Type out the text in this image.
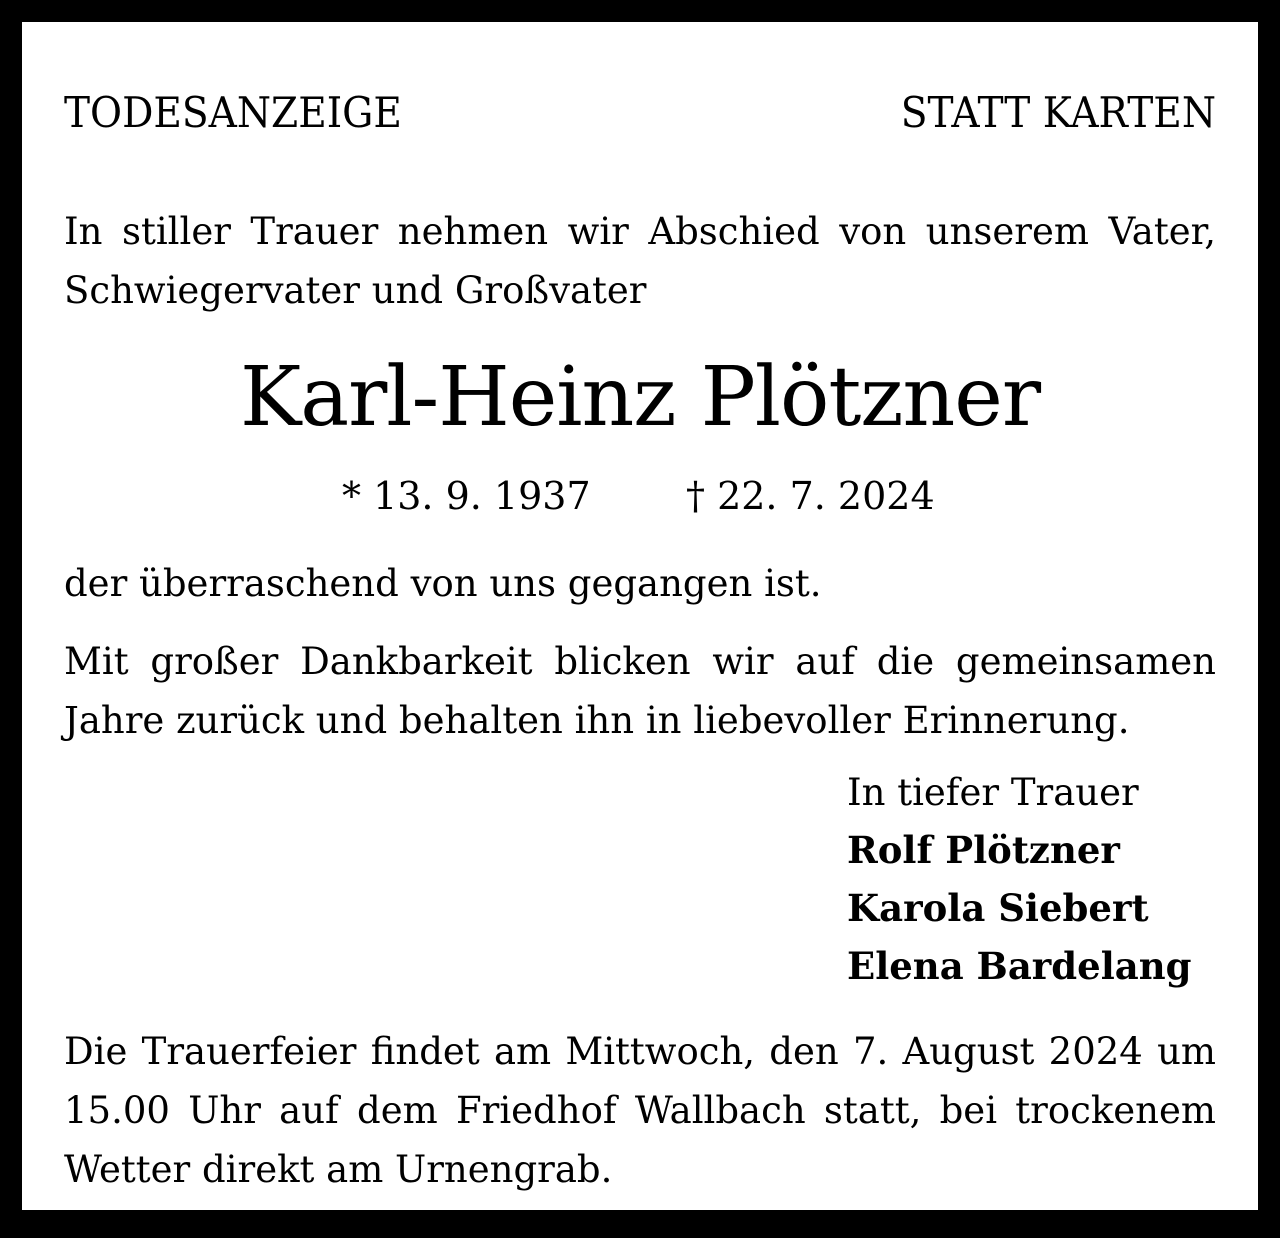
TODESANZEIGE	STATT KARTEN

In stiller Trauer nehmen wir Abschied von unserem Vater, Schwiegervater und Großvater

Karl-Heinz Plötzner

* 13. 9. 1937	† 22. 7. 2024

der überraschend von uns gegangen ist.

Mit großer Dankbarkeit blicken wir auf die gemeinsamen Jahre zurück und behalten ihn in liebevoller Erinnerung.

In tiefer Trauer

Rolf Plötzner

Karola Siebert

Elena Bardelang

Die Trauerfeier findet am Mittwoch, den 7. August 2024 um 15.00 Uhr auf dem Friedhof Wallbach statt, bei trockenem Wetter direkt am Urnengrab.
